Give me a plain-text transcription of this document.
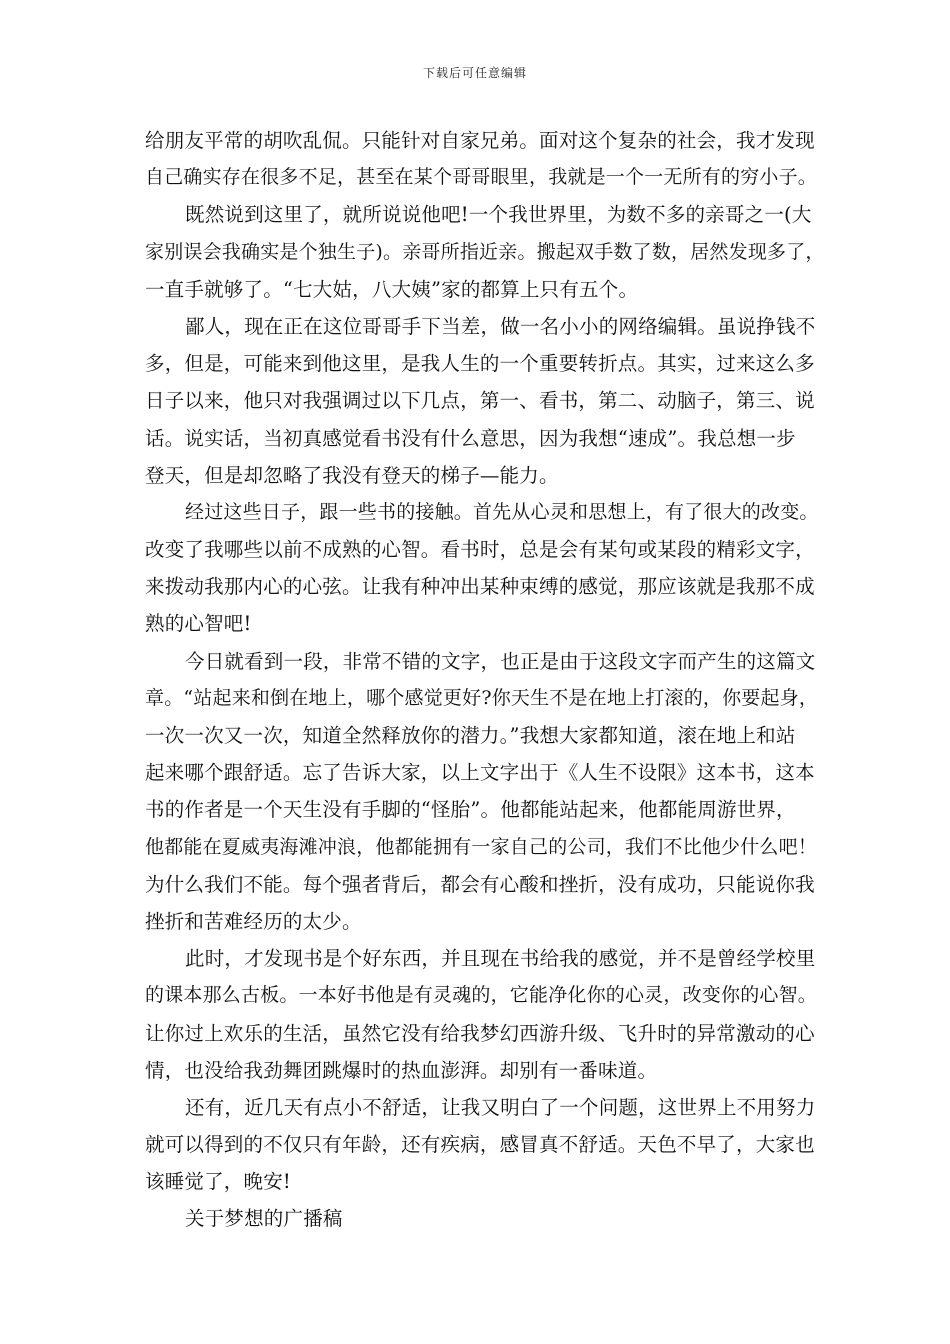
下载后可任意编辑
给朋友平常的胡吹乱侃。只能针对自家兄弟。面对这个复杂的社会，我才发现
自己确实存在很多不足，甚至在某个哥哥眼里，我就是一个一无所有的穷小子。
既然说到这里了，就所说说他吧!一个我世界里，为数不多的亲哥之一(大
家别误会我确实是个独生子)。亲哥所指近亲。搬起双手数了数，居然发现多了，
一直手就够了。“七大姑，八大姨”家的都算上只有五个。
鄙人，现在正在这位哥哥手下当差，做一名小小的网络编辑。虽说挣钱不
多，但是，可能来到他这里，是我人生的一个重要转折点。其实，过来这么多
日子以来，他只对我强调过以下几点，第一、看书，第二、动脑子，第三、说
话。说实话，当初真感觉看书没有什么意思，因为我想“速成”。我总想一步
登天，但是却忽略了我没有登天的梯子—能力。
经过这些日子，跟一些书的接触。首先从心灵和思想上，有了很大的改变。
改变了我哪些以前不成熟的心智。看书时，总是会有某句或某段的精彩文字，
来拨动我那内心的心弦。让我有种冲出某种束缚的感觉，那应该就是我那不成
熟的心智吧!
今日就看到一段，非常不错的文字，也正是由于这段文字而产生的这篇文
章。“站起来和倒在地上，哪个感觉更好?你天生不是在地上打滚的，你要起身，
一次一次又一次，知道全然释放你的潜力。”我想大家都知道，滚在地上和站
起来哪个跟舒适。忘了告诉大家，以上文字出于《人生不设限》这本书，这本
书的作者是一个天生没有手脚的“怪胎”。他都能站起来，他都能周游世界，
他都能在夏威夷海滩冲浪，他都能拥有一家自己的公司，我们不比他少什么吧！
为什么我们不能。每个强者背后，都会有心酸和挫折，没有成功，只能说你我
挫折和苦难经历的太少。
此时，才发现书是个好东西，并且现在书给我的感觉，并不是曾经学校里
的课本那么古板。一本好书他是有灵魂的，它能净化你的心灵，改变你的心智。
让你过上欢乐的生活，虽然它没有给我梦幻西游升级、飞升时的异常激动的心
情，也没给我劲舞团跳爆时的热血澎湃。却别有一番味道。
还有，近几天有点小不舒适，让我又明白了一个问题，这世界上不用努力
就可以得到的不仅只有年龄，还有疾病，感冒真不舒适。天色不早了，大家也
该睡觉了，晚安!
关于梦想的广播稿
